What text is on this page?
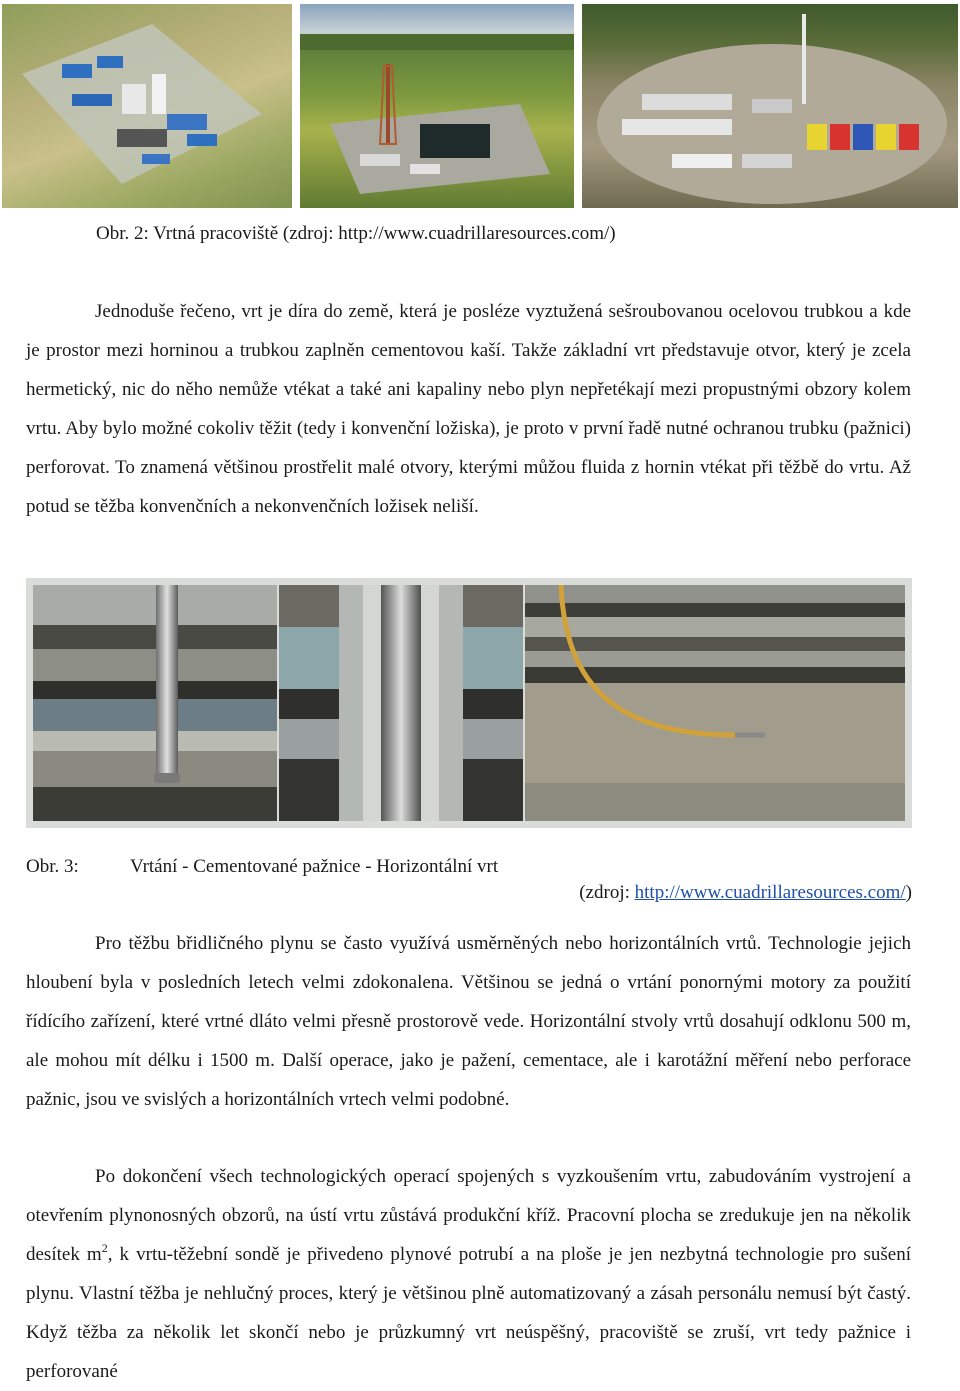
Obr. 2: Vrtná pracoviště (zdroj: http://www.cuadrillaresources.com/)

Jednoduše řečeno, vrt je díra do země, která je posléze vyztužená sešroubovanou ocelovou trubkou a kde je prostor mezi horninou a trubkou zaplněn cementovou kaší. Takže základní vrt představuje otvor, který je zcela hermetický, nic do něho nemůže vtékat a také ani kapaliny nebo plyn nepřetékají mezi propustnými obzory kolem vrtu. Aby bylo možné cokoliv těžit (tedy i konvenční ložiska), je proto v první řadě nutné ochranou trubku (pažnici) perforovat. To znamená většinou prostřelit malé otvory, kterými můžou fluida z hornin vtékat při těžbě do vrtu. Až potud se těžba konvenčních a nekonvenčních ložisek neliší.

Obr. 3:	Vrtání - Cementované pažnice - Horizontální vrt
(zdroj: http://www.cuadrillaresources.com/)

Pro těžbu břidličného plynu se často využívá usměrněných nebo horizontálních vrtů. Technologie jejich hloubení byla v posledních letech velmi zdokonalena. Většinou se jedná o vrtání ponornými motory za použití řídícího zařízení, které vrtné dláto velmi přesně prostorově vede. Horizontální stvoly vrtů dosahují odklonu 500 m, ale mohou mít délku i 1500 m. Další operace, jako je pažení, cementace, ale i karotážní měření nebo perforace pažnic, jsou ve svislých a horizontálních vrtech velmi podobné.

Po dokončení všech technologických operací spojených s vyzkoušením vrtu, zabudováním vystrojení a otevřením plynonosných obzorů, na ústí vrtu zůstává produkční kříž. Pracovní plocha se zredukuje jen na několik desítek $m^2$, k vrtu-těžební sondě je přivedeno plynové potrubí a na ploše je jen nezbytná technologie pro sušení plynu. Vlastní těžba je nehlučný proces, který je většinou plně automatizovaný a zásah personálu nemusí být častý. Když těžba za několik let skončí nebo je průzkumný vrt neúspěšný, pracoviště se zruší, vrt tedy pažnice i perforované
